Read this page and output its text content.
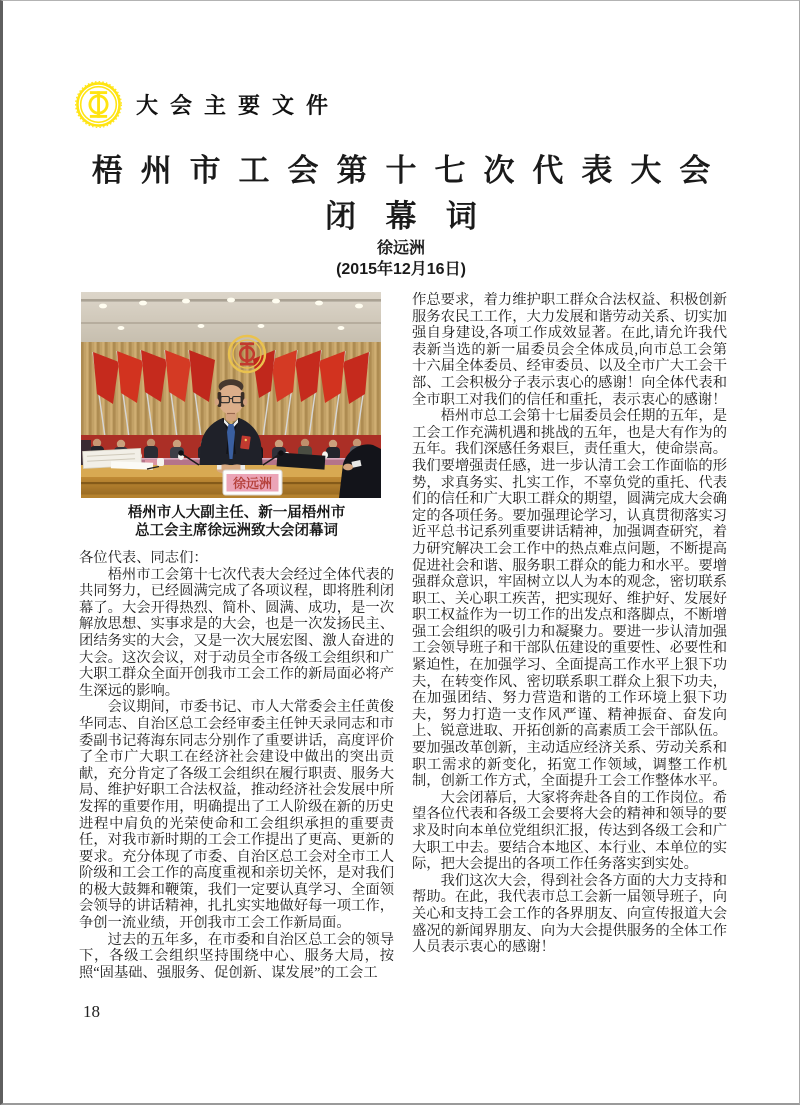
大会主要文件
梧州市工会第十七次代表大会
闭幕词
徐远洲
(2015年12月16日)
徐远洲
梧州市人大副主任、新一届梧州市
总工会主席徐远洲致大会闭幕词

各位代表、同志们：

梧州市工会第十七次代表大会经过全体代表的共同努力，已经圆满完成了各项议程，即将胜利闭幕了。大会开得热烈、简朴、圆满、成功，是一次解放思想、实事求是的大会，也是一次发扬民主、团结务实的大会，又是一次大展宏图、激人奋进的大会。这次会议，对于动员全市各级工会组织和广大职工群众全面开创我市工会工作的新局面必将产生深远的影响。

会议期间，市委书记、市人大常委会主任黄俊华同志、自治区总工会经审委主任钟天录同志和市委副书记蒋海东同志分别作了重要讲话，高度评价了全市广大职工在经济社会建设中做出的突出贡献，充分肯定了各级工会组织在履行职责、服务大局、维护好职工合法权益，推动经济社会发展中所发挥的重要作用，明确提出了工人阶级在新的历史进程中肩负的光荣使命和工会组织承担的重要责任，对我市新时期的工会工作提出了更高、更新的要求。充分体现了市委、自治区总工会对全市工人阶级和工会工作的高度重视和亲切关怀，是对我们的极大鼓舞和鞭策，我们一定要认真学习、全面领会领导的讲话精神，扎扎实实地做好每一项工作，争创一流业绩，开创我市工会工作新局面。

过去的五年多，在市委和自治区总工会的领导下，各级工会组织坚持围绕中心、服务大局，按照“固基础、强服务、促创新、谋发展”的工会工

作总要求，着力维护职工群众合法权益、积极创新服务农民工工作，大力发展和谐劳动关系、切实加强自身建设,各项工作成效显著。在此,请允许我代表新当选的新一届委员会全体成员,向市总工会第十六届全体委员、经审委员、以及全市广大工会干部、工会积极分子表示衷心的感谢！向全体代表和全市职工对我们的信任和重托，表示衷心的感谢！

梧州市总工会第十七届委员会任期的五年，是工会工作充满机遇和挑战的五年，也是大有作为的五年。我们深感任务艰巨，责任重大，使命崇高。我们要增强责任感，进一步认清工会工作面临的形势，求真务实、扎实工作，不辜负党的重托、代表们的信任和广大职工群众的期望，圆满完成大会确定的各项任务。要加强理论学习，认真贯彻落实习近平总书记系列重要讲话精神，加强调查研究，着力研究解决工会工作中的热点难点问题，不断提高促进社会和谐、服务职工群众的能力和水平。要增强群众意识，牢固树立以人为本的观念，密切联系职工、关心职工疾苦，把实现好、维护好、发展好职工权益作为一切工作的出发点和落脚点，不断增强工会组织的吸引力和凝聚力。要进一步认清加强工会领导班子和干部队伍建设的重要性、必要性和紧迫性，在加强学习、全面提高工作水平上狠下功夫，在转变作风、密切联系职工群众上狠下功夫，在加强团结、努力营造和谐的工作环境上狠下功夫，努力打造一支作风严谨、精神振奋、奋发向上、锐意进取、开拓创新的高素质工会干部队伍。要加强改革创新，主动适应经济关系、劳动关系和职工需求的新变化，拓宽工作领域，调整工作机制，创新工作方式，全面提升工会工作整体水平。

大会闭幕后，大家将奔赴各自的工作岗位。希望各位代表和各级工会要将大会的精神和领导的要求及时向本单位党组织汇报，传达到各级工会和广大职工中去。要结合本地区、本行业、本单位的实际，把大会提出的各项工作任务落实到实处。

我们这次大会，得到社会各方面的大力支持和帮助。在此，我代表市总工会新一届领导班子，向关心和支持工会工作的各界朋友、向宣传报道大会盛况的新闻界朋友、向为大会提供服务的全体工作人员表示衷心的感谢！

18
